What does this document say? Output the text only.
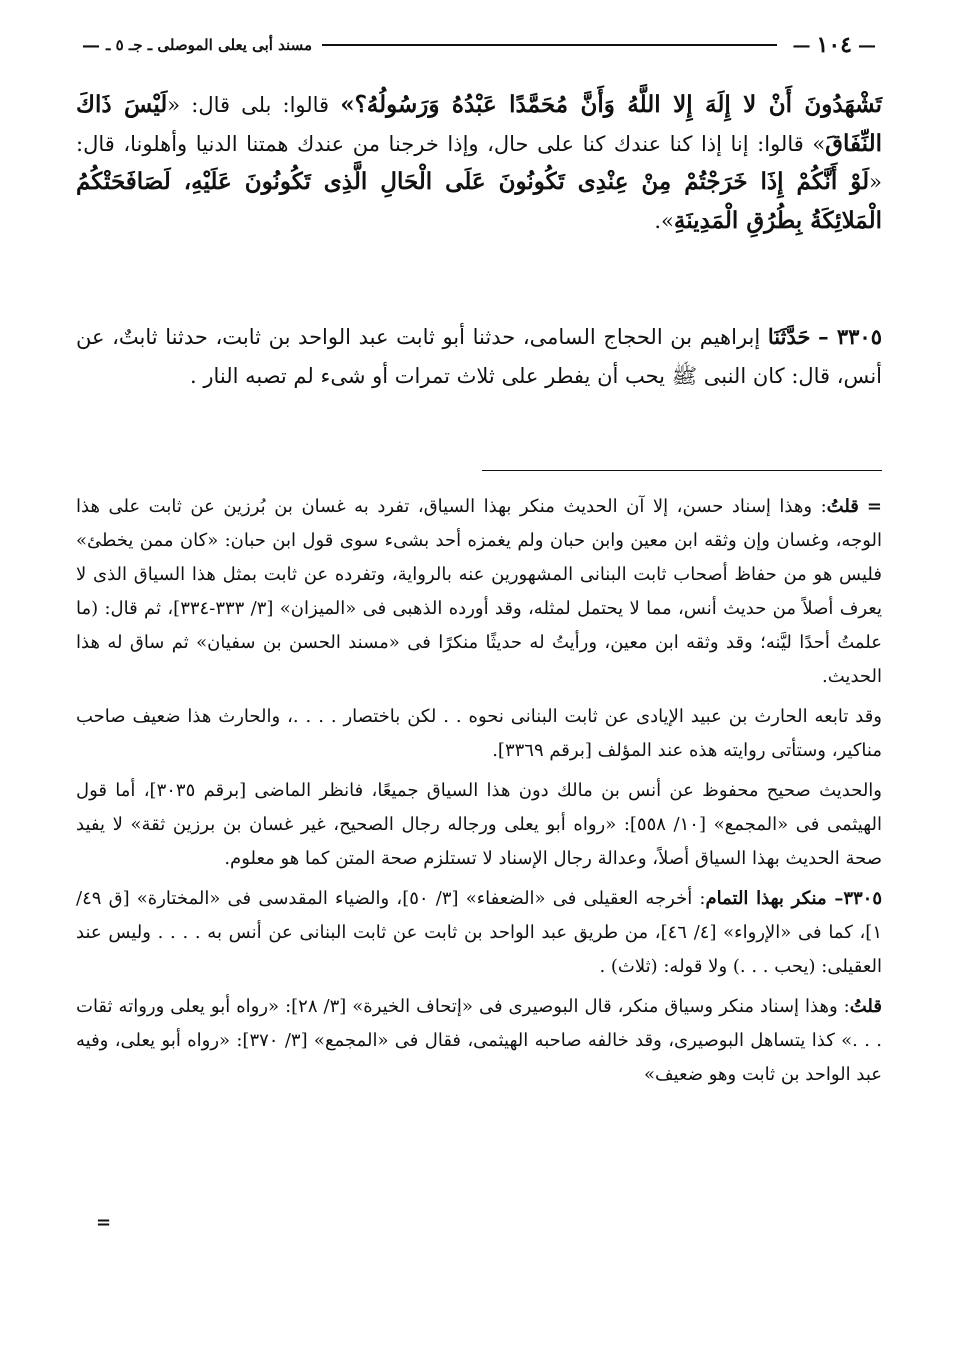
—
١٠٤
—
مسند أبى يعلى الموصلى ـ جـ ٥ ـ
—

تَشْهَدُونَ أَنْ لا إِلَهَ إِلا اللَّهُ وَأَنَّ مُحَمَّدًا عَبْدُهُ وَرَسُولُهُ؟» قالوا: بلى قال: «لَيْسَ ذَاكَ النِّفَاقَ» قالوا: إنا إذا كنا عندك كنا على حال، وإذا خرجنا من عندك همتنا الدنيا وأهلونا، قال: «لَوْ أَنَّكُمْ إِذَا خَرَجْتُمْ مِنْ عِنْدِى تَكُونُونَ عَلَى الْحَالِ الَّذِى تَكُونُونَ عَلَيْهِ، لَصَافَحَتْكُمُ الْمَلائِكَةُ بِطُرُقِ الْمَدِينَةِ».

٣٣٠٥ – حَدَّثَنَا إبراهيم بن الحجاج السامى، حدثنا أبو ثابت عبد الواحد بن ثابت، حدثنا ثابتٌ، عن أنس، قال: كان النبى ﷺ يحب أن يفطر على ثلاث تمرات أو شىء لم تصبه النار .

=قلتُ: وهذا إسناد حسن، إلا آن الحديث منكر بهذا السياق، تفرد به غسان بن بُرزين عن ثابت على هذا الوجه، وغسان وإن وثقه ابن معين وابن حبان ولم يغمزه أحد بشىء سوى قول ابن حبان: «كان ممن يخطئ» فليس هو من حفاظ أصحاب ثابت البنانى المشهورين عنه بالرواية، وتفرده عن ثابت بمثل هذا السياق الذى لا يعرف أصلاً من حديث أنس، مما لا يحتمل لمثله، وقد أورده الذهبى فى «الميزان» [٣/ ٣٣٣-٣٣٤]، ثم قال: (ما علمتُ أحدًا ليَّنه؛ وقد وثقه ابن معين، ورأيتُ له حديثًا منكرًا فى «مسند الحسن بن سفيان» ثم ساق له هذا الحديث.

وقد تابعه الحارث بن عبيد الإيادى عن ثابت البنانى نحوه . . لكن باختصار . . . .، والحارث هذا ضعيف صاحب مناكير، وستأتى روايته هذه عند المؤلف [برقم ٣٣٦٩].

والحديث صحيح محفوظ عن أنس بن مالك دون هذا السياق جميعًا، فانظر الماضى [برقم ٣٠٣٥]، أما قول الهيثمى فى «المجمع» [١٠/ ٥٥٨]: «رواه أبو يعلى ورجاله رجال الصحيح، غير غسان بن برزين ثقة» لا يفيد صحة الحديث بهذا السياق أصلاً، وعدالة رجال الإسناد لا تستلزم صحة المتن كما هو معلوم.

٣٣٠٥– منكر بهذا التمام: أخرجه العقيلى فى «الضعفاء» [٣/ ٥٠]، والضياء المقدسى فى «المختارة» [ق ٤٩/ ١]، كما فى «الإرواء» [٤/ ٤٦]، من طريق عبد الواحد بن ثابت عن ثابت البنانى عن أنس به . . . . وليس عند العقيلى: (يحب . . .) ولا قوله: (ثلاث) .

قلتُ: وهذا إسناد منكر وسياق منكر، قال البوصيرى فى «إتحاف الخيرة» [٣/ ٢٨]: «رواه أبو يعلى ورواته ثقات . . .» كذا يتساهل البوصيرى، وقد خالفه صاحبه الهيثمى، فقال فى «المجمع» [٣/ ٣٧٠]: «رواه أبو يعلى، وفيه عبد الواحد بن ثابت وهو ضعيف»

=
